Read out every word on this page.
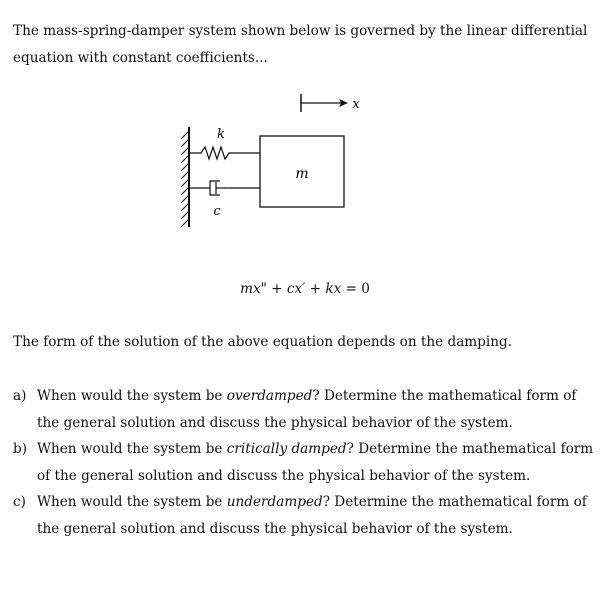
The mass-spring-damper system shown below is governed by the linear differential equation with constant coefficients...

k
c
m
x
mx" + cx′ + kx = 0

The form of the solution of the above equation depends on the damping.

a) When would the system be overdamped? Determine the mathematical form of the general solution and discuss the physical behavior of the system.
b) When would the system be critically damped? Determine the mathematical form of the general solution and discuss the physical behavior of the system.
c) When would the system be underdamped? Determine the mathematical form of the general solution and discuss the physical behavior of the system.
